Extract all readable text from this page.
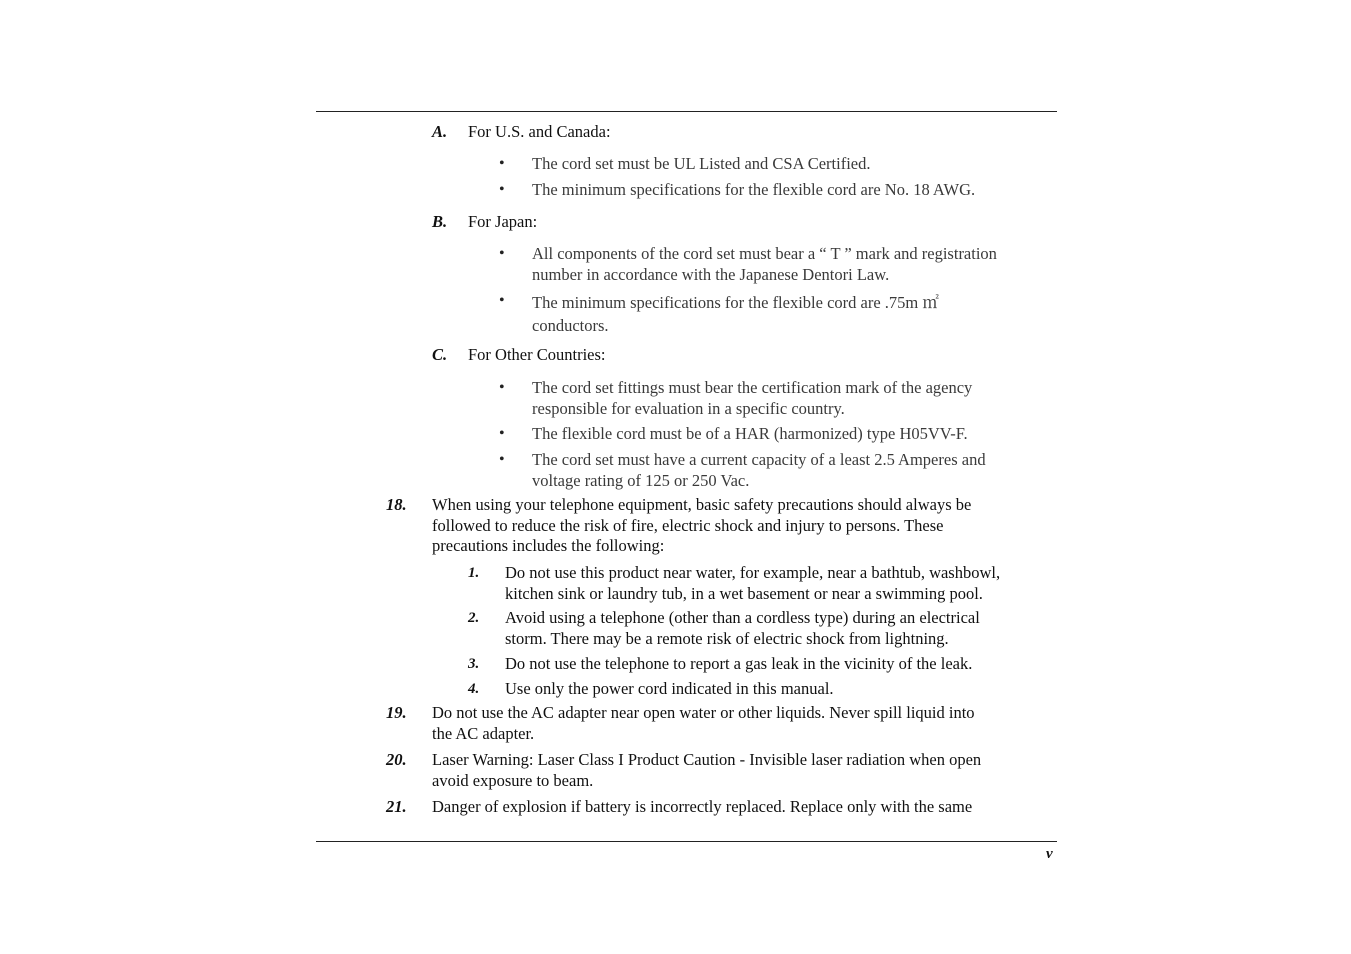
A. For U.S. and Canada:
•
The cord set must be UL Listed and CSA Certified.
•
The minimum specifications for the flexible cord are No. 18 AWG.
B. For Japan:
•
All components of the cord set must bear a “ T ” mark and registration
number in accordance with the Japanese Dentori Law.
•
The minimum specifications for the flexible cord are .75m ㎡
conductors.
C. For Other Countries:
•
The cord set fittings must bear the certification mark of the agency
responsible for evaluation in a specific country.
•
The flexible cord must be of a HAR (harmonized) type H05VV-F.
•
The cord set must have a current capacity of a least 2.5 Amperes and
voltage rating of 125 or 250 Vac.
18. When using your telephone equipment, basic safety precautions should always be
followed to reduce the risk of fire, electric shock and injury to persons. These
precautions includes the following:
1. Do not use this product near water, for example, near a bathtub, washbowl,
kitchen sink or laundry tub, in a wet basement or near a swimming pool.
2. Avoid using a telephone (other than a cordless type) during an electrical
storm. There may be a remote risk of electric shock from lightning.
3. Do not use the telephone to report a gas leak in the vicinity of the leak.
4. Use only the power cord indicated in this manual.
19. Do not use the AC adapter near open water or other liquids. Never spill liquid into
the AC adapter.
20. Laser Warning: Laser Class I Product Caution - Invisible laser radiation when open
avoid exposure to beam.
21. Danger of explosion if battery is incorrectly replaced. Replace only with the same
v
